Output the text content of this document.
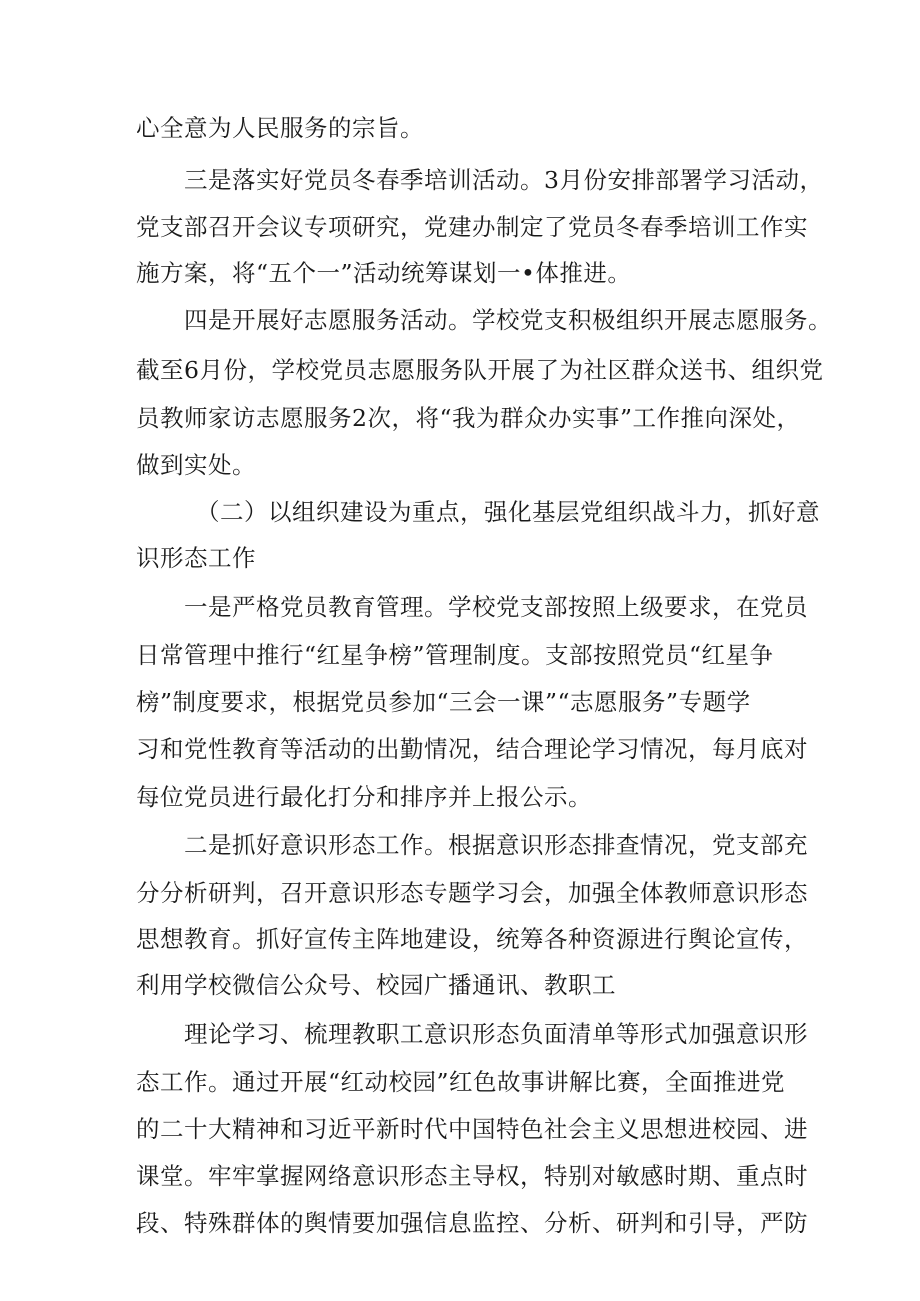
心全意为人民服务的宗旨。
三是落实好党员冬春季培训活动。3月份安排部署学习活动，
党支部召开会议专项研究，党建办制定了党员冬春季培训工作实
施方案，将“五个一”活动统筹谋划一•体推进。
四是开展好志愿服务活动。学校党支积极组织开展志愿服务。
截至6月份，学校党员志愿服务队开展了为社区群众送书、组织党
员教师家访志愿服务2次，将“我为群众办实事”工作推向深处，
做到实处。
（二）以组织建设为重点，强化基层党组织战斗力，抓好意
识形态工作
一是严格党员教育管理。学校党支部按照上级要求，在党员
日常管理中推行“红星争榜”管理制度。支部按照党员“红星争
榜”制度要求，根据党员参加“三会一课”“志愿服务”专题学
习和党性教育等活动的出勤情况，结合理论学习情况，每月底对
每位党员进行最化打分和排序并上报公示。
二是抓好意识形态工作。根据意识形态排查情况，党支部充
分分析研判，召开意识形态专题学习会，加强全体教师意识形态
思想教育。抓好宣传主阵地建设，统筹各种资源进行舆论宣传，
利用学校微信公众号、校园广播通讯、教职工
理论学习、梳理教职工意识形态负面清单等形式加强意识形
态工作。通过开展“红动校园”红色故事讲解比赛，全面推进党
的二十大精神和习近平新时代中国特色社会主义思想进校园、进
课堂。牢牢掌握网络意识形态主导权，特别对敏感时期、重点时
段、特殊群体的舆情要加强信息监控、分析、研判和引导，严防
